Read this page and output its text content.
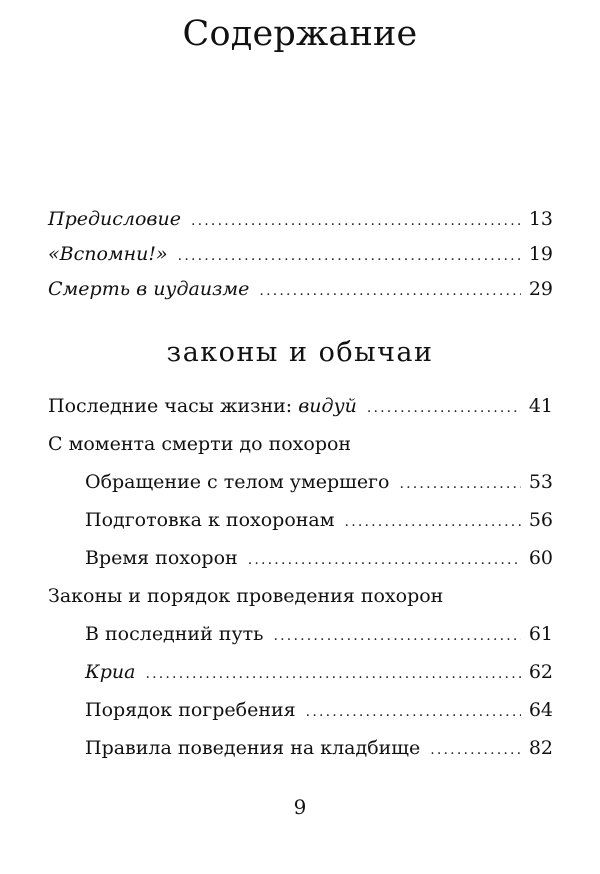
Содержание
Предисловие .....	13
«Вспомни!» .....	19
Смерть в иудаизме .....	29
законы и обычаи
Последние часы жизни: видуй .....	41
С момента смерти до похорон
Обращение с телом умершего .....	53
Подготовка к похоронам .....	56
Время похорон .....	60
Законы и порядок проведения похорон
В последний путь .....	61
Криа .....	62
Порядок погребения .....	64
Правила поведения на кладбище .....	82
9
